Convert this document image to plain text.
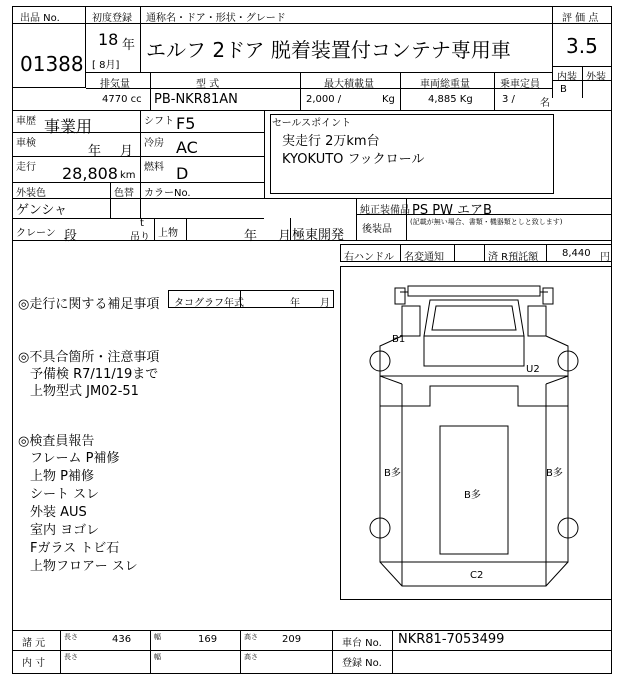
出品 No.
01388
初度登録 通称名・ドア・形状・グレード
18 年
[ 8月]
エルフ 2ドア 脱着装置付コンテナ専用車
評 価 点
3.5
内装 外装
B
排気量	型 式	最大積載量	車両総重量	乗車定員
4770 cc PB-NKR81AN	2,000 /	Kg	4,885 Kg	3 /	名
車歴 事業用	シフト F5
車検
年 月
冷房 AC
走行 28,808 km
燃料 D
外装色
ゲンシャ
色替 カラーNo.
クレーン 段
t
吊り 上物	年 月 極東開発
セールスポイント
実走行 2万km台
KYOKUTO フックロール
純正装備品 PS PW エアB
後装品
(記載が無い場合、書類・機器類としと致します)
右ハンドル 名変通知	済 R預託額 8,440 円
◎走行に関する補足事項 タコグラフ年式	年 月
◎不具合箇所・注意事項
予備検 R7/11/19まで
上物型式 JM02-51
◎検査員報告
フレーム P補修
上物 P補修
シート スレ
外装 AUS
室内 ヨゴレ
Fガラス トビ石
上物フロアー スレ
B1
U2
B多
B多
B多
C2
諸 元
長さ	436	幅	169	高さ 209	車台 No. NKR81-7053499
内 寸
長さ	幅	高さ
登録 No.
